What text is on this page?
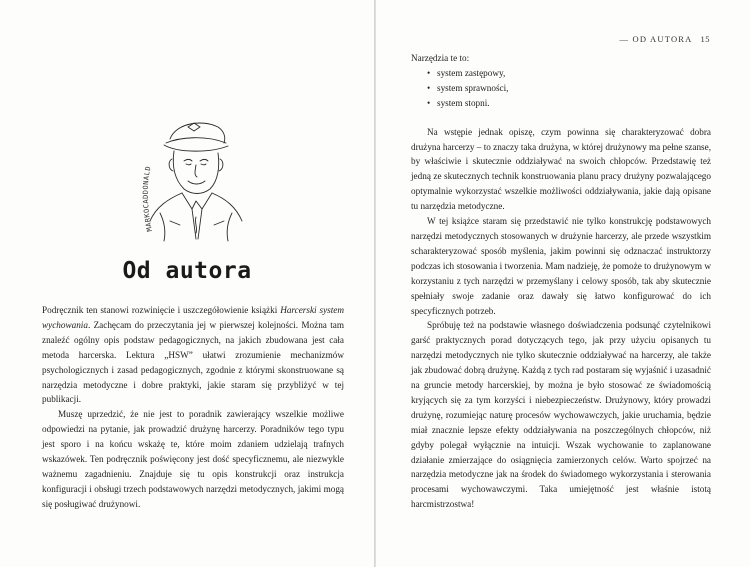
MARKOCADDONALD
Od autora

Podręcznik ten stanowi rozwinięcie i uszczegółowienie książki Harcerski system wychowania. Zachęcam do przeczytania jej w pierwszej kolejności. Można tam znaleźć ogólny opis podstaw pedagogicznych, na jakich zbudowana jest cała metoda harcerska. Lektura „HSW” ułatwi zrozumienie mechanizmów psychologicznych i zasad pedagogicznych, zgodnie z którymi skonstruowane są narzędzia metodyczne i dobre praktyki, jakie staram się przybliżyć w tej publikacji.

Muszę uprzedzić, że nie jest to poradnik zawierający wszelkie możliwe odpowiedzi na pytanie, jak prowadzić drużynę harcerzy. Poradników tego typu jest sporo i na końcu wskażę te, które moim zdaniem udzielają trafnych wskazówek. Ten podręcznik poświęcony jest dość specyficznemu, ale niezwykle ważnemu zagadnieniu. Znajduje się tu opis konstrukcji oraz instrukcja konfiguracji i obsługi trzech podstawowych narzędzi metodycznych, jakimi mogą się posługiwać drużynowi.

— OD AUTORA 15

Narzędzia te to:

• system zastępowy,
• system sprawności,
• system stopni.

Na wstępie jednak opiszę, czym powinna się charakteryzować dobra drużyna harcerzy – to znaczy taka drużyna, w której drużynowy ma pełne szanse, by właściwie i skutecznie oddziaływać na swoich chłopców. Przedstawię też jedną ze skutecznych technik konstruowania planu pracy drużyny pozwalającego optymalnie wykorzystać wszelkie możliwości oddziaływania, jakie dają opisane tu narzędzia metodyczne.

W tej książce staram się przedstawić nie tylko konstrukcję podstawowych narzędzi metodycznych stosowanych w drużynie harcerzy, ale przede wszystkim scharakteryzować sposób myślenia, jakim powinni się odznaczać instruktorzy podczas ich stosowania i tworzenia. Mam nadzieję, że pomoże to drużynowym w korzystaniu z tych narzędzi w przemyślany i celowy sposób, tak aby skutecznie spełniały swoje zadanie oraz dawały się łatwo konfigurować do ich specyficznych potrzeb.

Spróbuję też na podstawie własnego doświadczenia podsunąć czytelnikowi garść praktycznych porad dotyczących tego, jak przy użyciu opisanych tu narzędzi metodycznych nie tylko skutecznie oddziaływać na harcerzy, ale także jak zbudować dobrą drużynę. Każdą z tych rad postaram się wyjaśnić i uzasadnić na gruncie metody harcerskiej, by można je było stosować ze świadomością kryjących się za tym korzyści i niebezpieczeństw. Drużynowy, który prowadzi drużynę, rozumiejąc naturę procesów wychowawczych, jakie uruchamia, będzie miał znacznie lepsze efekty oddziaływania na poszczególnych chłopców, niż gdyby polegał wyłącznie na intuicji. Wszak wychowanie to zaplanowane działanie zmierzające do osiągnięcia zamierzonych celów. Warto spojrzeć na narzędzia metodyczne jak na środek do świadomego wykorzystania i sterowania procesami wychowawczymi. Taka umiejętność jest właśnie istotą harcmistrzostwa!
